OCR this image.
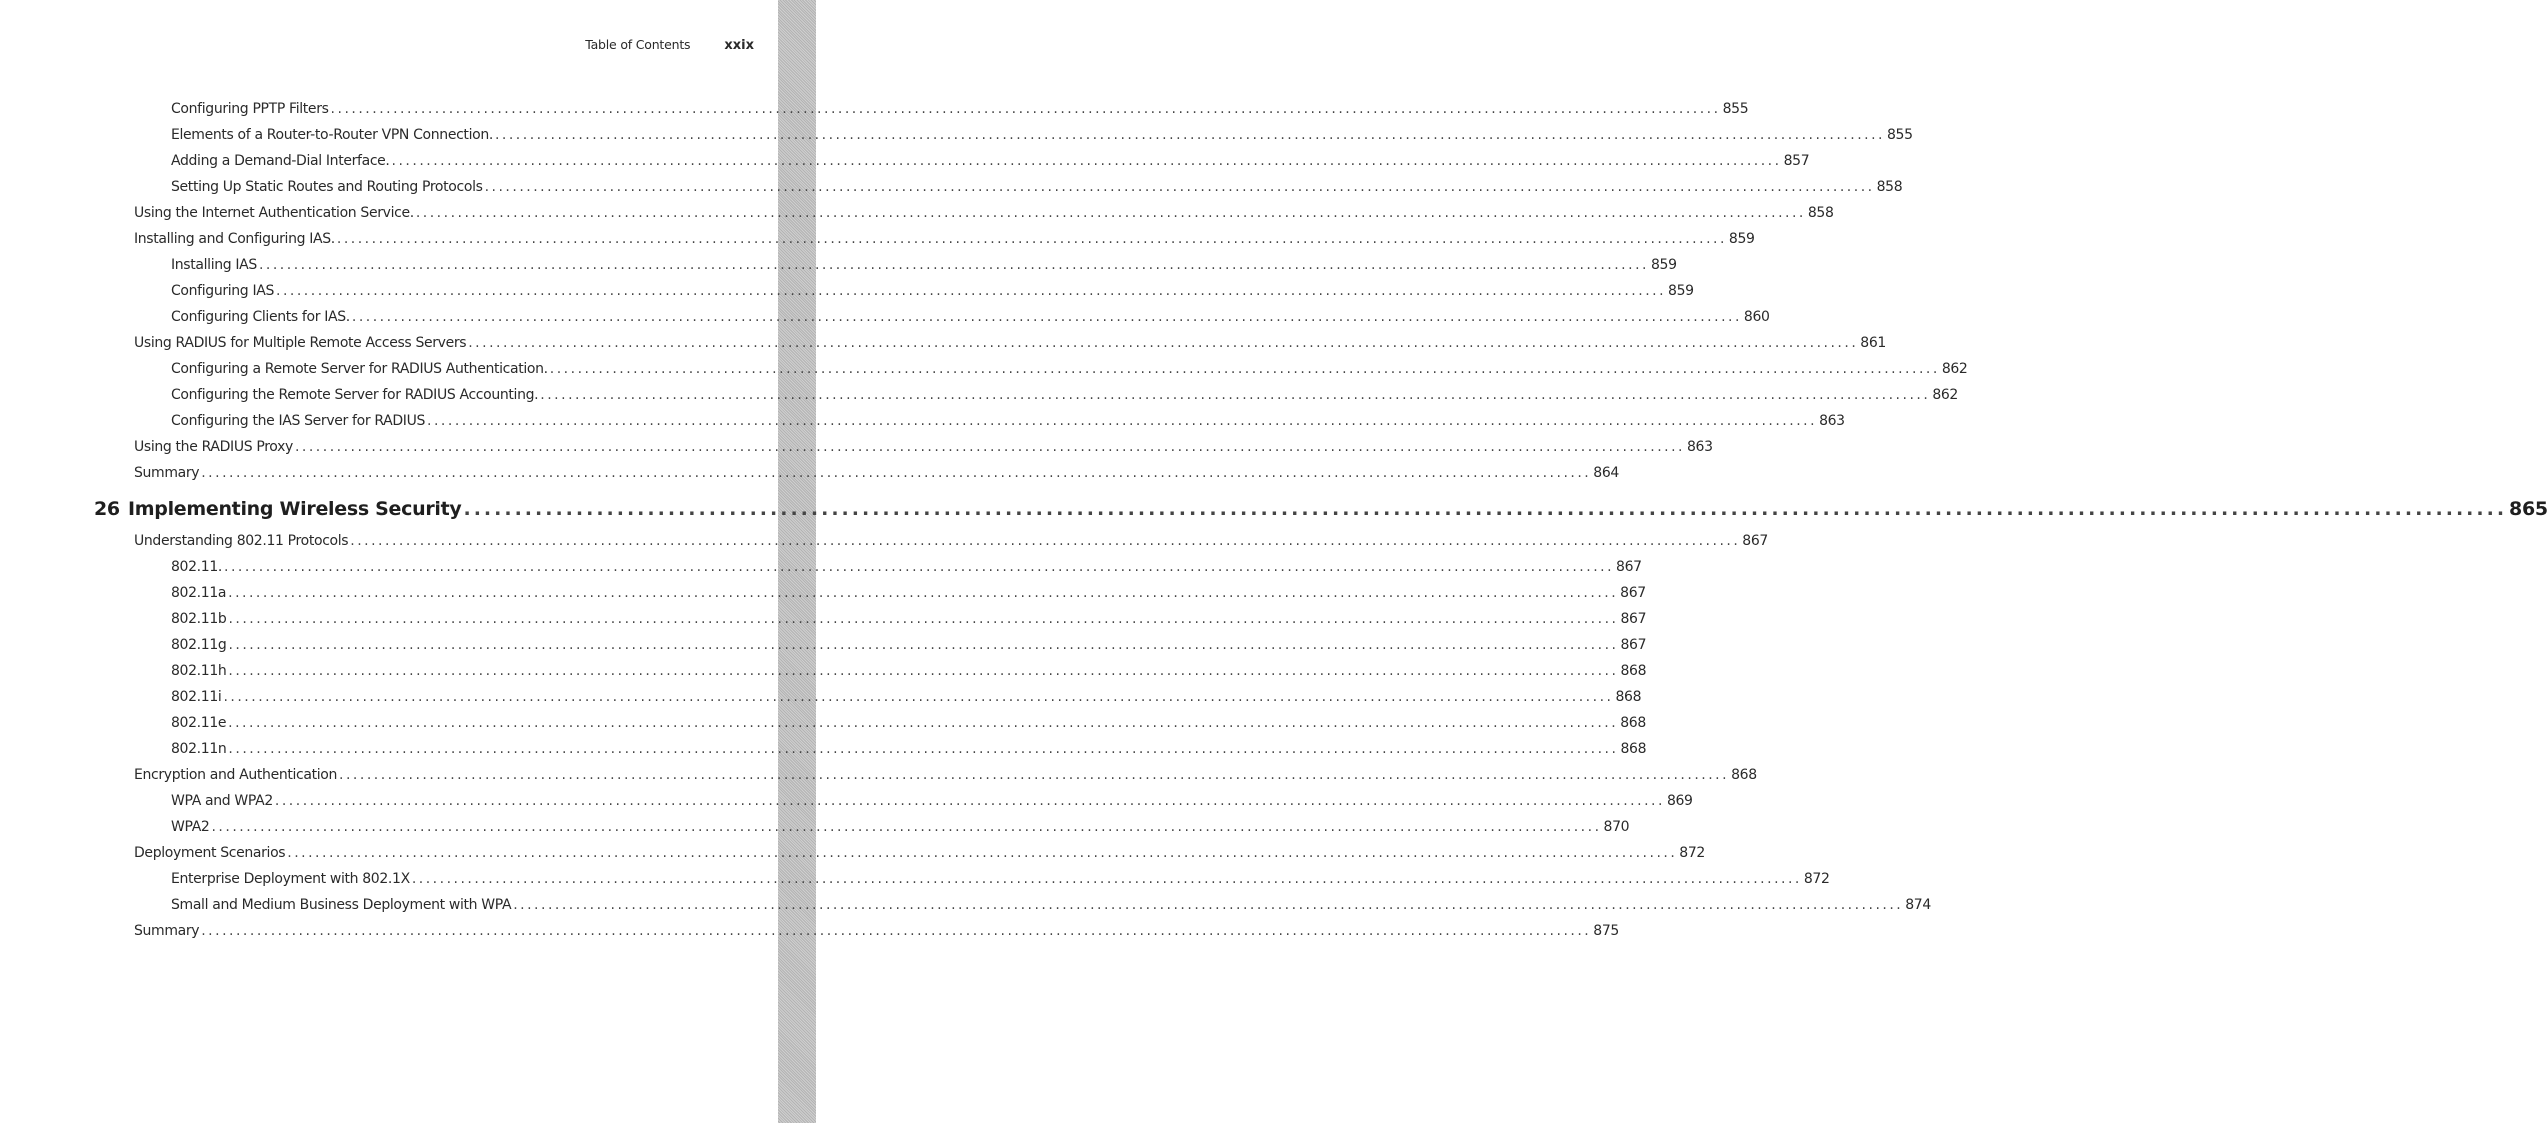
Table of Contents	xxix
Configuring PPTP Filters ........................................................................................................................................................................................................ 855
Elements of a Router-to-Router VPN Connection. ........................................................................................................................................................................................................ 855
Adding a Demand-Dial Interface. ........................................................................................................................................................................................................ 857
Setting Up Static Routes and Routing Protocols ........................................................................................................................................................................................................ 858
Using the Internet Authentication Service. ........................................................................................................................................................................................................ 858
Installing and Configuring IAS. ........................................................................................................................................................................................................ 859
Installing IAS ........................................................................................................................................................................................................ 859
Configuring IAS ........................................................................................................................................................................................................ 859
Configuring Clients for IAS. ........................................................................................................................................................................................................ 860
Using RADIUS for Multiple Remote Access Servers ........................................................................................................................................................................................................ 861
Configuring a Remote Server for RADIUS Authentication. ........................................................................................................................................................................................................ 862
Configuring the Remote Server for RADIUS Accounting. ........................................................................................................................................................................................................ 862
Configuring the IAS Server for RADIUS ........................................................................................................................................................................................................ 863
Using the RADIUS Proxy ........................................................................................................................................................................................................ 863
Summary ........................................................................................................................................................................................................ 864
26 Implementing Wireless Security ........................................................................................................................................................................................................ 865
Understanding 802.11 Protocols ........................................................................................................................................................................................................ 867
802.11. ........................................................................................................................................................................................................ 867
802.11a ........................................................................................................................................................................................................ 867
802.11b ........................................................................................................................................................................................................ 867
802.11g ........................................................................................................................................................................................................ 867
802.11h ........................................................................................................................................................................................................ 868
802.11i ........................................................................................................................................................................................................ 868
802.11e ........................................................................................................................................................................................................ 868
802.11n ........................................................................................................................................................................................................ 868
Encryption and Authentication ........................................................................................................................................................................................................ 868
WPA and WPA2 ........................................................................................................................................................................................................ 869
WPA2 ........................................................................................................................................................................................................ 870
Deployment Scenarios ........................................................................................................................................................................................................ 872
Enterprise Deployment with 802.1X ........................................................................................................................................................................................................ 872
Small and Medium Business Deployment with WPA ........................................................................................................................................................................................................ 874
Summary ........................................................................................................................................................................................................ 875
